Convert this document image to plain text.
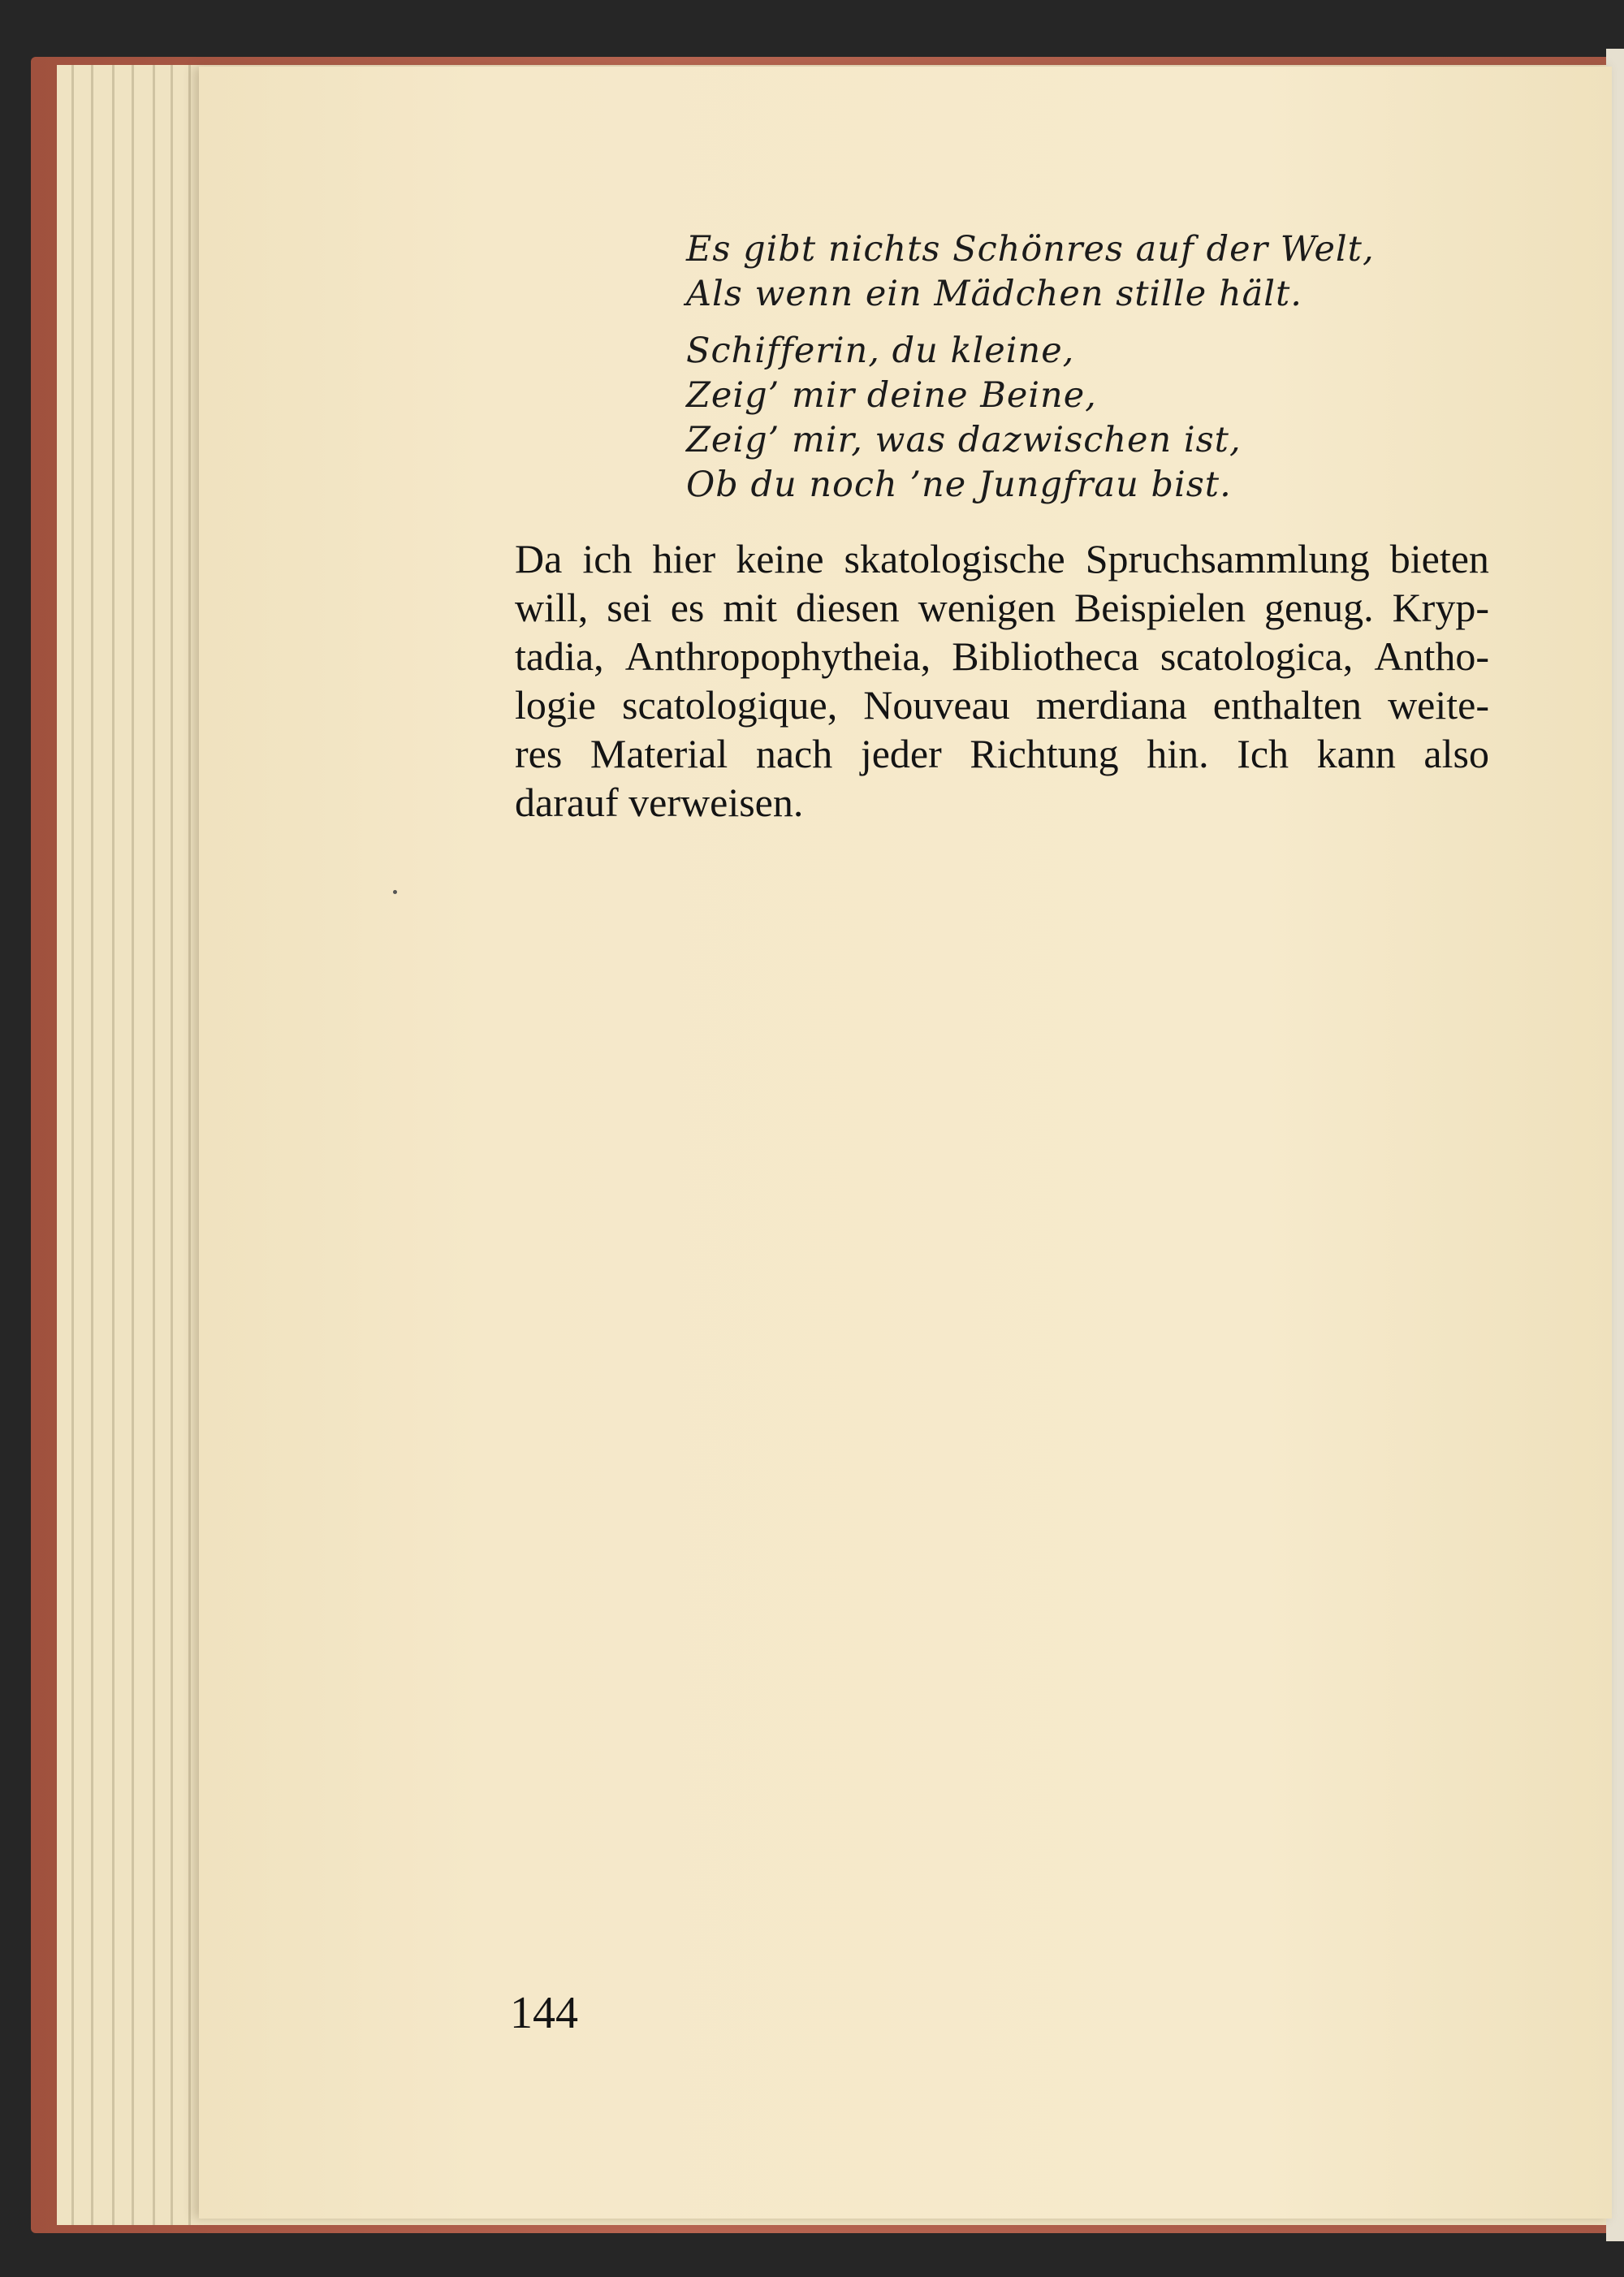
Es gibt nichts Schönres auf der Welt,
Als wenn ein Mädchen stille hält.
Schifferin, du kleine,
Zeig’ mir deine Beine,
Zeig’ mir, was dazwischen ist,
Ob du noch ’ne Jungfrau bist.
Da ich hier keine skatologische Spruchsammlung bieten
will, sei es mit diesen wenigen Beispielen genug. Kryp-
tadia, Anthropophytheia, Bibliotheca scatologica, Antho-
logie scatologique, Nouveau merdiana enthalten weite-
res Material nach jeder Richtung hin. Ich kann also
darauf verweisen.
144
